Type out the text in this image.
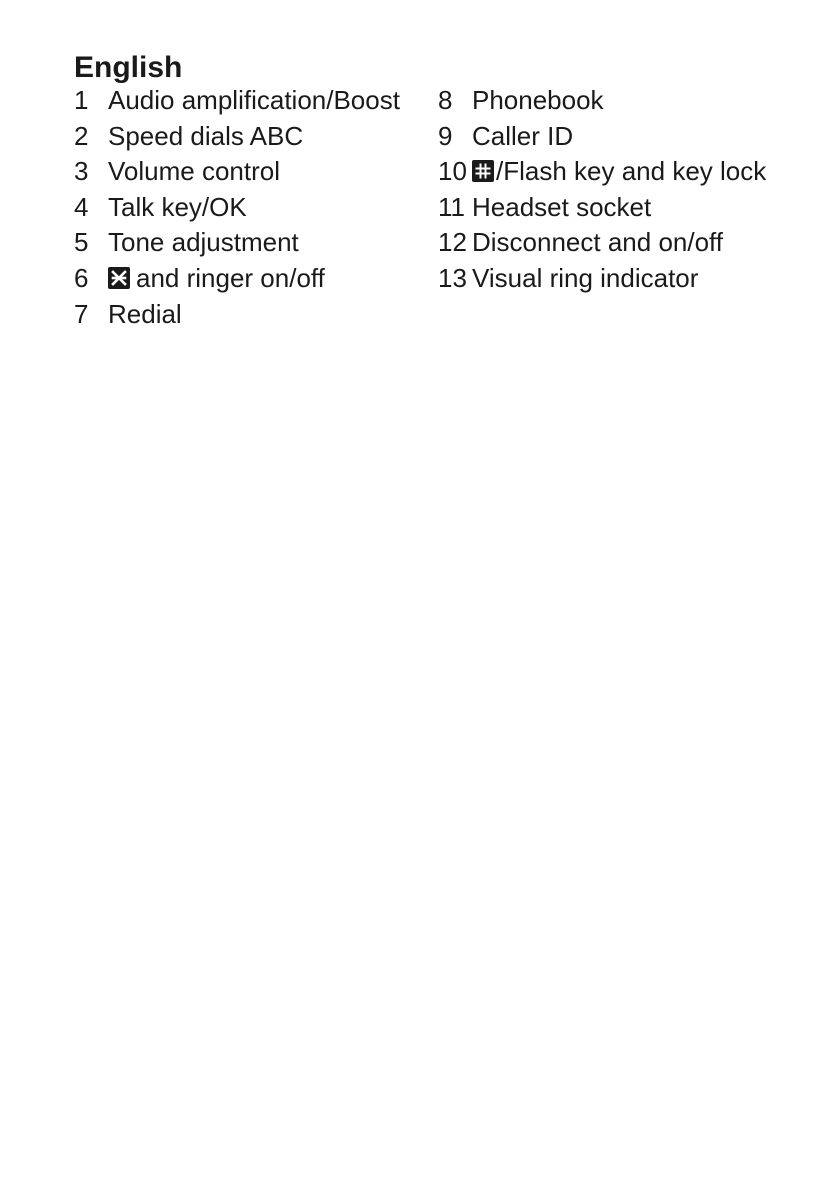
English
1 Audio amplification/Boost
2 Speed dials ABC
3 Volume control
4 Talk key/OK
5 Tone adjustment
6	and ringer on/off
7 Redial
8 Phonebook
9 Caller ID
10	/Flash key and key lock
11 Headset socket
12 Disconnect and on/off
13 Visual ring indicator
